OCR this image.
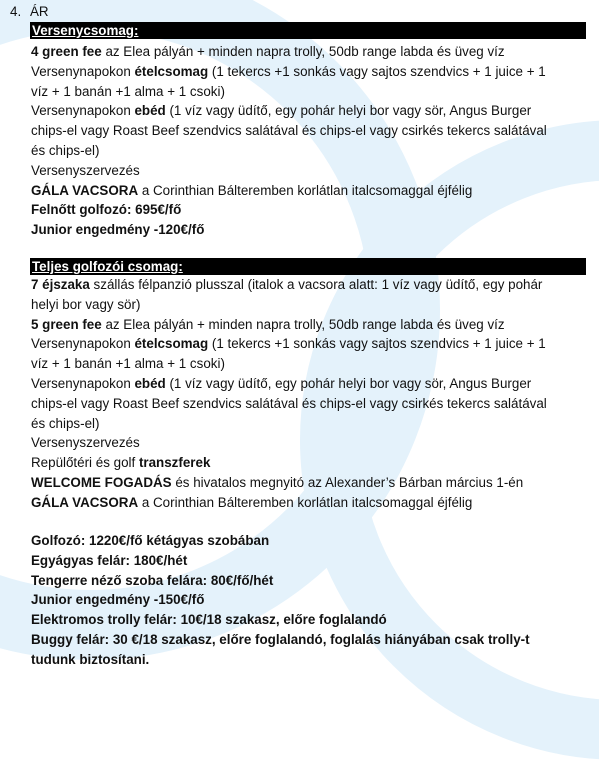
4. ÁR
Versenycsomag:
4 green fee az Elea pályán + minden napra trolly, 50db range labda és üveg víz
Versenynapokon ételcsomag (1 tekercs +1 sonkás vagy sajtos szendvics + 1 juice + 1
víz + 1 banán +1 alma + 1 csoki)
Versenynapokon ebéd (1 víz vagy üdítő, egy pohár helyi bor vagy sör, Angus Burger
chips-el vagy Roast Beef szendvics salátával és chips-el vagy csirkés tekercs salátával
és chips-el)
Versenyszervezés
GÁLA VACSORA a Corinthian Bálteremben korlátlan italcsomaggal éjfélig
Felnőtt golfozó: 695€/fő
Junior engedmény -120€/fő
Teljes golfozói csomag:
7 éjszaka szállás félpanzió plusszal (italok a vacsora alatt: 1 víz vagy üdítő, egy pohár
helyi bor vagy sör)
5 green fee az Elea pályán + minden napra trolly, 50db range labda és üveg víz
Versenynapokon ételcsomag (1 tekercs +1 sonkás vagy sajtos szendvics + 1 juice + 1
víz + 1 banán +1 alma + 1 csoki)
Versenynapokon ebéd (1 víz vagy üdítő, egy pohár helyi bor vagy sör, Angus Burger
chips-el vagy Roast Beef szendvics salátával és chips-el vagy csirkés tekercs salátával
és chips-el)
Versenyszervezés
Repülőtéri és golf transzferek
WELCOME FOGADÁS és hivatalos megnyitó az Alexander’s Bárban március 1-én
GÁLA VACSORA a Corinthian Bálteremben korlátlan italcsomaggal éjfélig
Golfozó: 1220€/fő kétágyas szobában
Egyágyas felár: 180€/hét
Tengerre néző szoba felára: 80€/fő/hét
Junior engedmény -150€/fő
Elektromos trolly felár: 10€/18 szakasz, előre foglalandó
Buggy felár: 30 €/18 szakasz, előre foglalandó, foglalás hiányában csak trolly-t
tudunk biztosítani.
